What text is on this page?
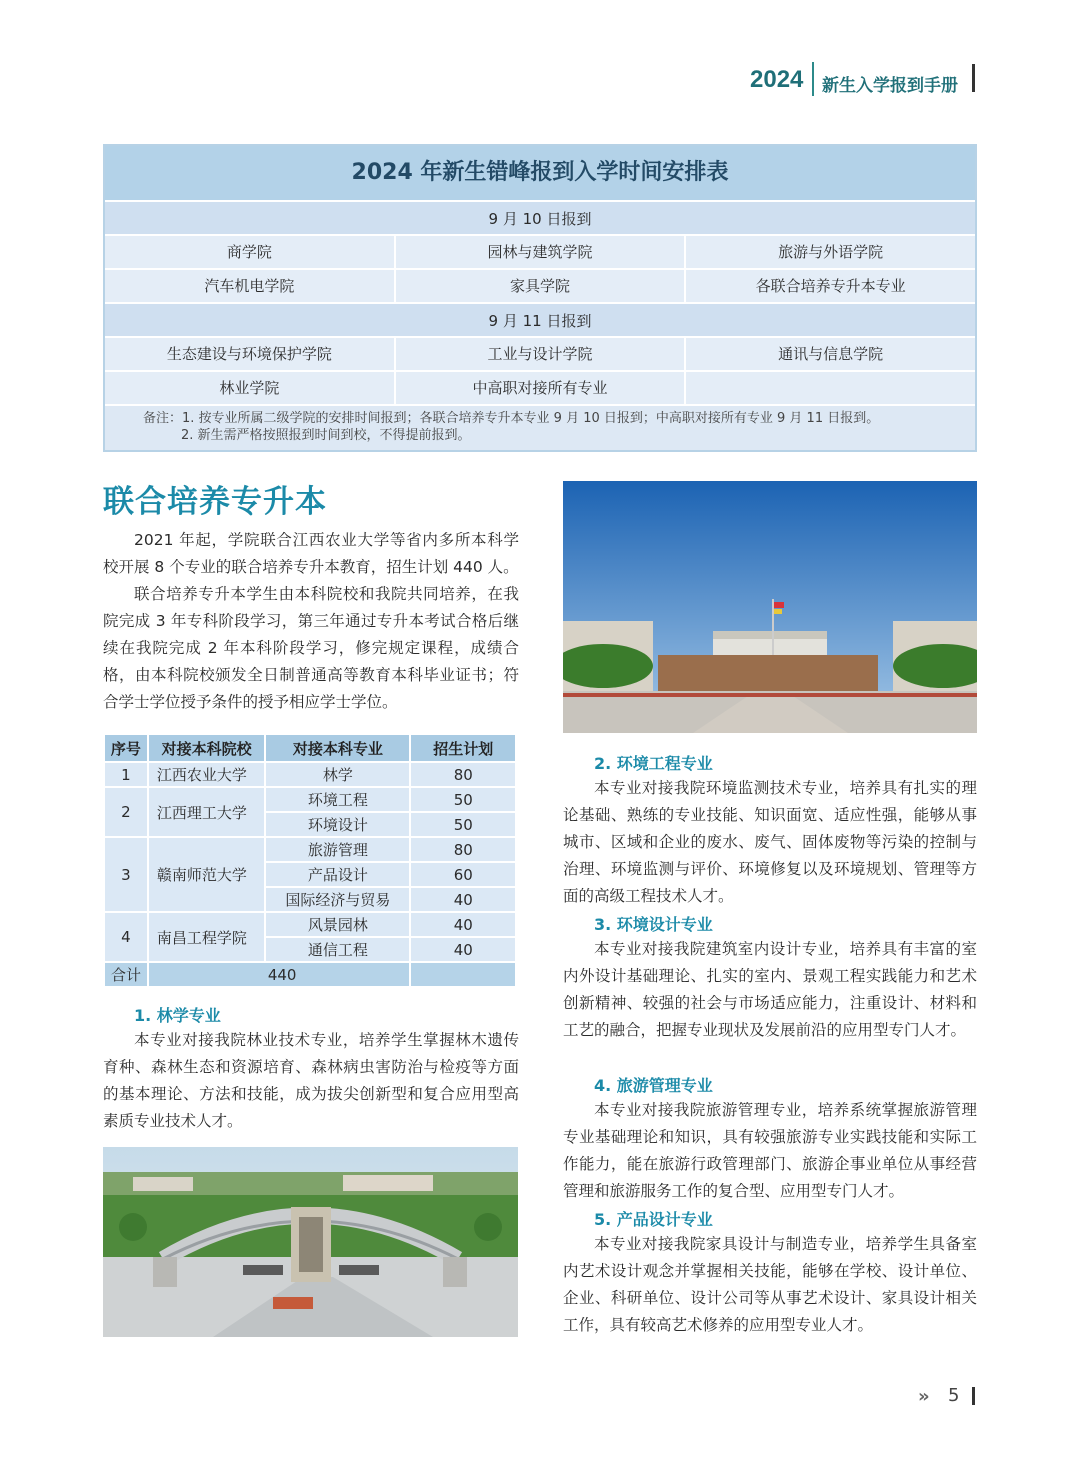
2024 新生入学报到手册
2024 年新生错峰报到入学时间安排表
9 月 10 日报到
商学院	园林与建筑学院	旅游与外语学院
汽车机电学院	家具学院	各联合培养专升本专业
9 月 11 日报到
生态建设与环境保护学院	工业与设计学院	通讯与信息学院
林业学院	中高职对接所有专业
备注：1. 按专业所属二级学院的安排时间报到；各联合培养专升本专业 9 月 10 日报到；中高职对接所有专业 9 月 11 日报到。
2. 新生需严格按照报到时间到校，不得提前报到。
联合培养专升本

2021 年起，学院联合江西农业大学等省内多所本科学校开展 8 个专业的联合培养专升本教育，招生计划 440 人。

联合培养专升本学生由本科院校和我院共同培养，在我院完成 3 年专科阶段学习，第三年通过专升本考试合格后继续在我院完成 2 年本科阶段学习，修完规定课程，成绩合格，由本科院校颁发全日制普通高等教育本科毕业证书；符合学士学位授予条件的授予相应学士学位。

序号	对接本科院校	对接本科专业	招生计划
1	江西农业大学	林学	80
2	江西理工大学	环境工程	50
		环境设计	50
3	赣南师范大学	旅游管理	80
		产品设计	60
		国际经济与贸易	40
4	南昌工程学院	风景园林	40
		通信工程	40
合计	440		
1. 林学专业

本专业对接我院林业技术专业，培养学生掌握林木遗传育种、森林生态和资源培育、森林病虫害防治与检疫等方面的基本理论、方法和技能，成为拔尖创新型和复合应用型高素质专业技术人才。

2. 环境工程专业

本专业对接我院环境监测技术专业，培养具有扎实的理论基础、熟练的专业技能、知识面宽、适应性强，能够从事城市、区域和企业的废水、废气、固体废物等污染的控制与治理、环境监测与评价、环境修复以及环境规划、管理等方面的高级工程技术人才。

3. 环境设计专业

本专业对接我院建筑室内设计专业，培养具有丰富的室内外设计基础理论、扎实的室内、景观工程实践能力和艺术创新精神、较强的社会与市场适应能力，注重设计、材料和工艺的融合，把握专业现状及发展前沿的应用型专门人才。

4. 旅游管理专业

本专业对接我院旅游管理专业，培养系统掌握旅游管理专业基础理论和知识，具有较强旅游专业实践技能和实际工作能力，能在旅游行政管理部门、旅游企事业单位从事经营管理和旅游服务工作的复合型、应用型专门人才。

5. 产品设计专业

本专业对接我院家具设计与制造专业，培养学生具备室内艺术设计观念并掌握相关技能，能够在学校、设计单位、企业、科研单位、设计公司等从事艺术设计、家具设计相关工作，具有较高艺术修养的应用型专业人才。

» 5
